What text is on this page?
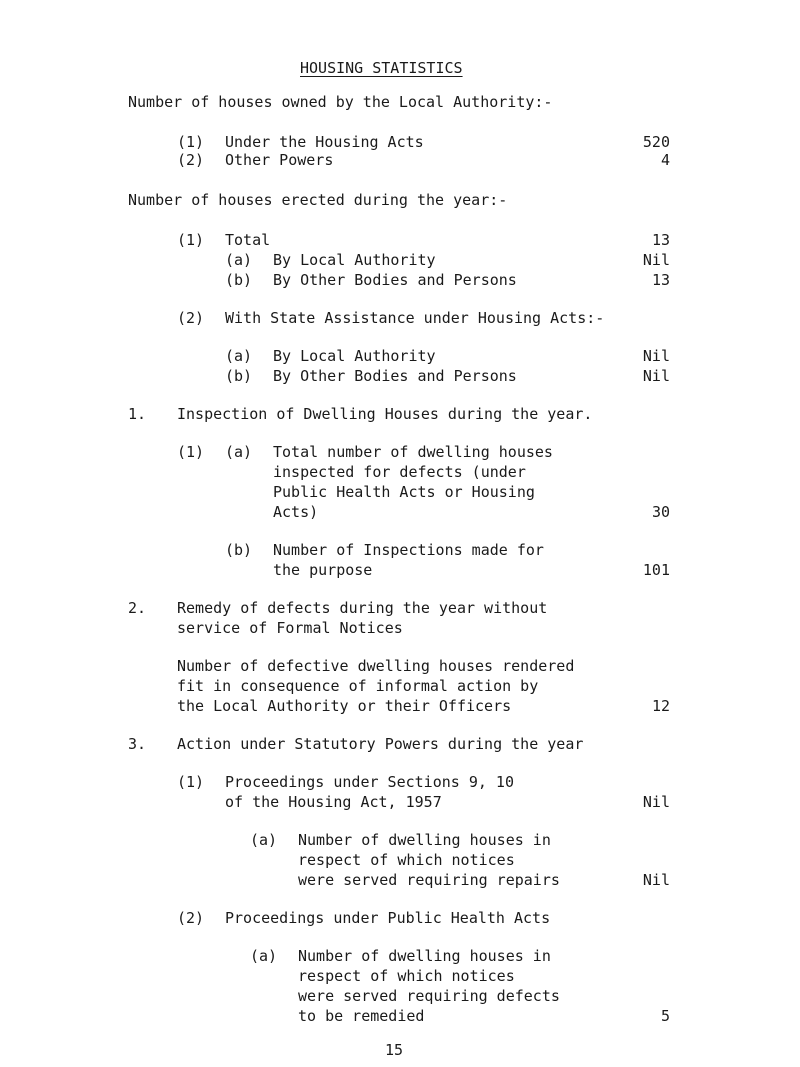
HOUSING STATISTICS
Number of houses owned by the Local Authority:-
(1) Under the Housing Acts	520
(2) Other Powers	4
Number of houses erected during the year:-
(1) Total	13
(a) By Local Authority	Nil
(b) By Other Bodies and Persons	13
(2) With State Assistance under Housing Acts:-
(a) By Local Authority	Nil
(b) By Other Bodies and Persons	Nil
1. Inspection of Dwelling Houses during the year.
(1) (a) Total number of dwelling houses
inspected for defects (under
Public Health Acts or Housing
Acts)	30
(b) Number of Inspections made for
the purpose	101
2. Remedy of defects during the year without
service of Formal Notices
Number of defective dwelling houses rendered
fit in consequence of informal action by
the Local Authority or their Officers	12
3. Action under Statutory Powers during the year
(1) Proceedings under Sections 9, 10
of the Housing Act, 1957	Nil
(a) Number of dwelling houses in
respect of which notices
were served requiring repairs	Nil
(2) Proceedings under Public Health Acts
(a) Number of dwelling houses in
respect of which notices
were served requiring defects
to be remedied	5
15
